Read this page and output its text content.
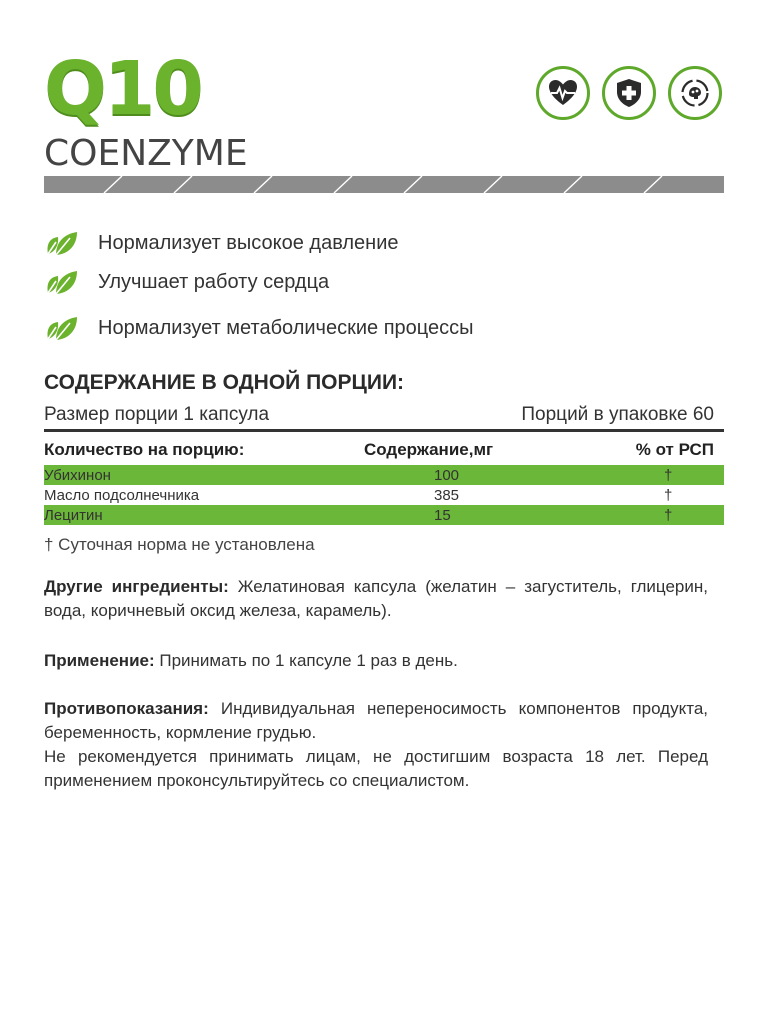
Q10
COENZYME
Нормализует высокое давление
Улучшает работу сердца
Нормализует метаболические процессы
СОДЕРЖАНИЕ В ОДНОЙ ПОРЦИИ:
Размер порции 1 капсула	Порций в упаковке 60
Количество на порцию:	Содержание,мг	% от РСП
Убихинон	100	†
Масло подсолнечника	385	†
Лецитин	15	†
† Суточная норма не установлена
Другие ингредиенты: Желатиновая капсула (желатин – загуститель, глицерин, вода, коричневый оксид железа, карамель).
Применение: Принимать по 1 капсуле 1 раз в день.
Противопоказания: Индивидуальная непереносимость компонентов продукта, беременность, кормление грудью.
Не рекомендуется принимать лицам, не достигшим возраста 18 лет. Перед применением проконсультируйтесь со специалистом.
